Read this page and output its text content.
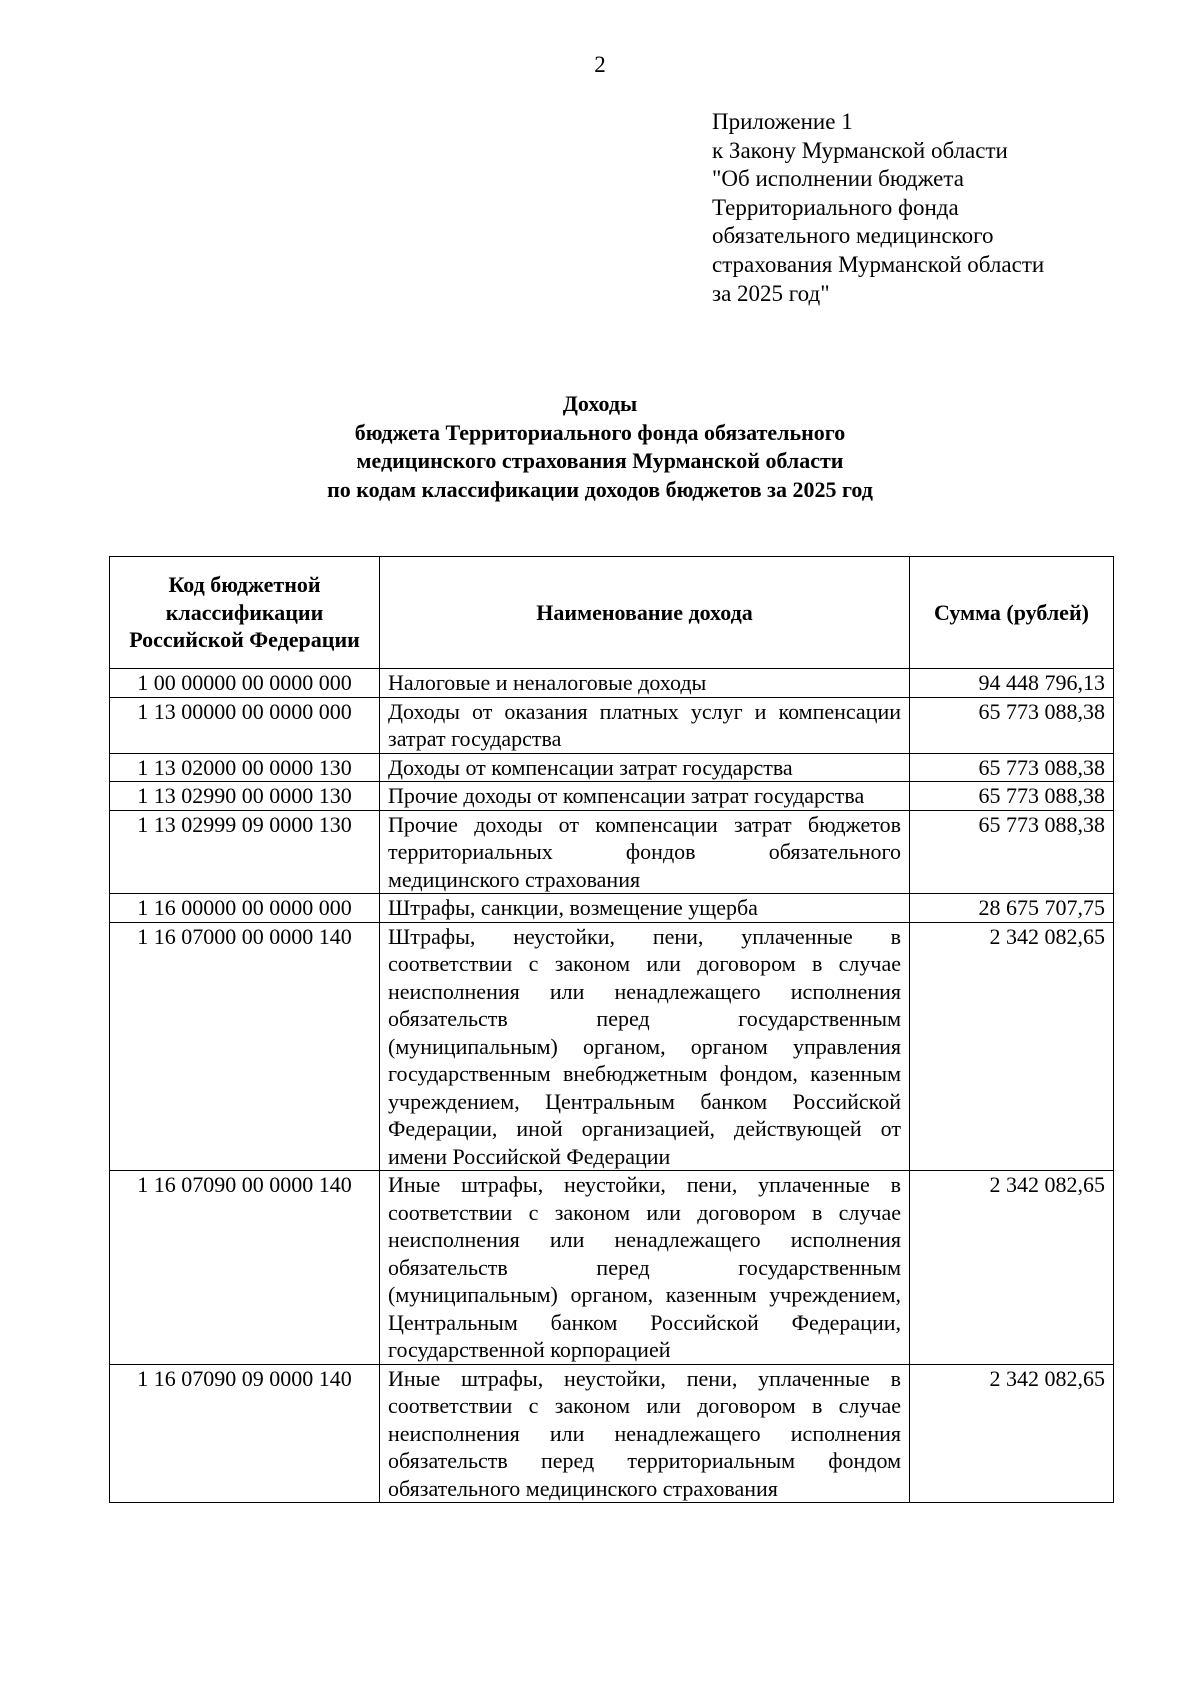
2
Приложение 1
к Закону Мурманской области
"Об исполнении бюджета
Территориального фонда
обязательного медицинского
страхования Мурманской области
за 2025 год"
Доходы
бюджета Территориального фонда обязательного
медицинского страхования Мурманской области
по кодам классификации доходов бюджетов за 2025 год
Код бюджетной классификации Российской Федерации	Наименование дохода	Сумма (рублей)
1 00 00000 00 0000 000	Налоговые и неналоговые доходы	94 448 796,13
1 13 00000 00 0000 000	Доходы от оказания платных услуг и компенсации затрат государства	65 773 088,38
1 13 02000 00 0000 130	Доходы от компенсации затрат государства	65 773 088,38
1 13 02990 00 0000 130	Прочие доходы от компенсации затрат государства	65 773 088,38
1 13 02999 09 0000 130	Прочие доходы от компенсации затрат бюджетов территориальных фондов обязательного медицинского страхования	65 773 088,38
1 16 00000 00 0000 000	Штрафы, санкции, возмещение ущерба	28 675 707,75
1 16 07000 00 0000 140	Штрафы, неустойки, пени, уплаченные в соответствии с законом или договором в случае неисполнения или ненадлежащего исполнения обязательств перед государственным (муниципальным) органом, органом управления государственным внебюджетным фондом, казенным учреждением, Центральным банком Российской Федерации, иной организацией, действующей от имени Российской Федерации	2 342 082,65
1 16 07090 00 0000 140	Иные штрафы, неустойки, пени, уплаченные в соответствии с законом или договором в случае неисполнения или ненадлежащего исполнения обязательств перед государственным (муниципальным) органом, казенным учреждением, Центральным банком Российской Федерации, государственной корпорацией	2 342 082,65
1 16 07090 09 0000 140	Иные штрафы, неустойки, пени, уплаченные в соответствии с законом или договором в случае неисполнения или ненадлежащего исполнения обязательств перед территориальным фондом обязательного медицинского страхования	2 342 082,65
